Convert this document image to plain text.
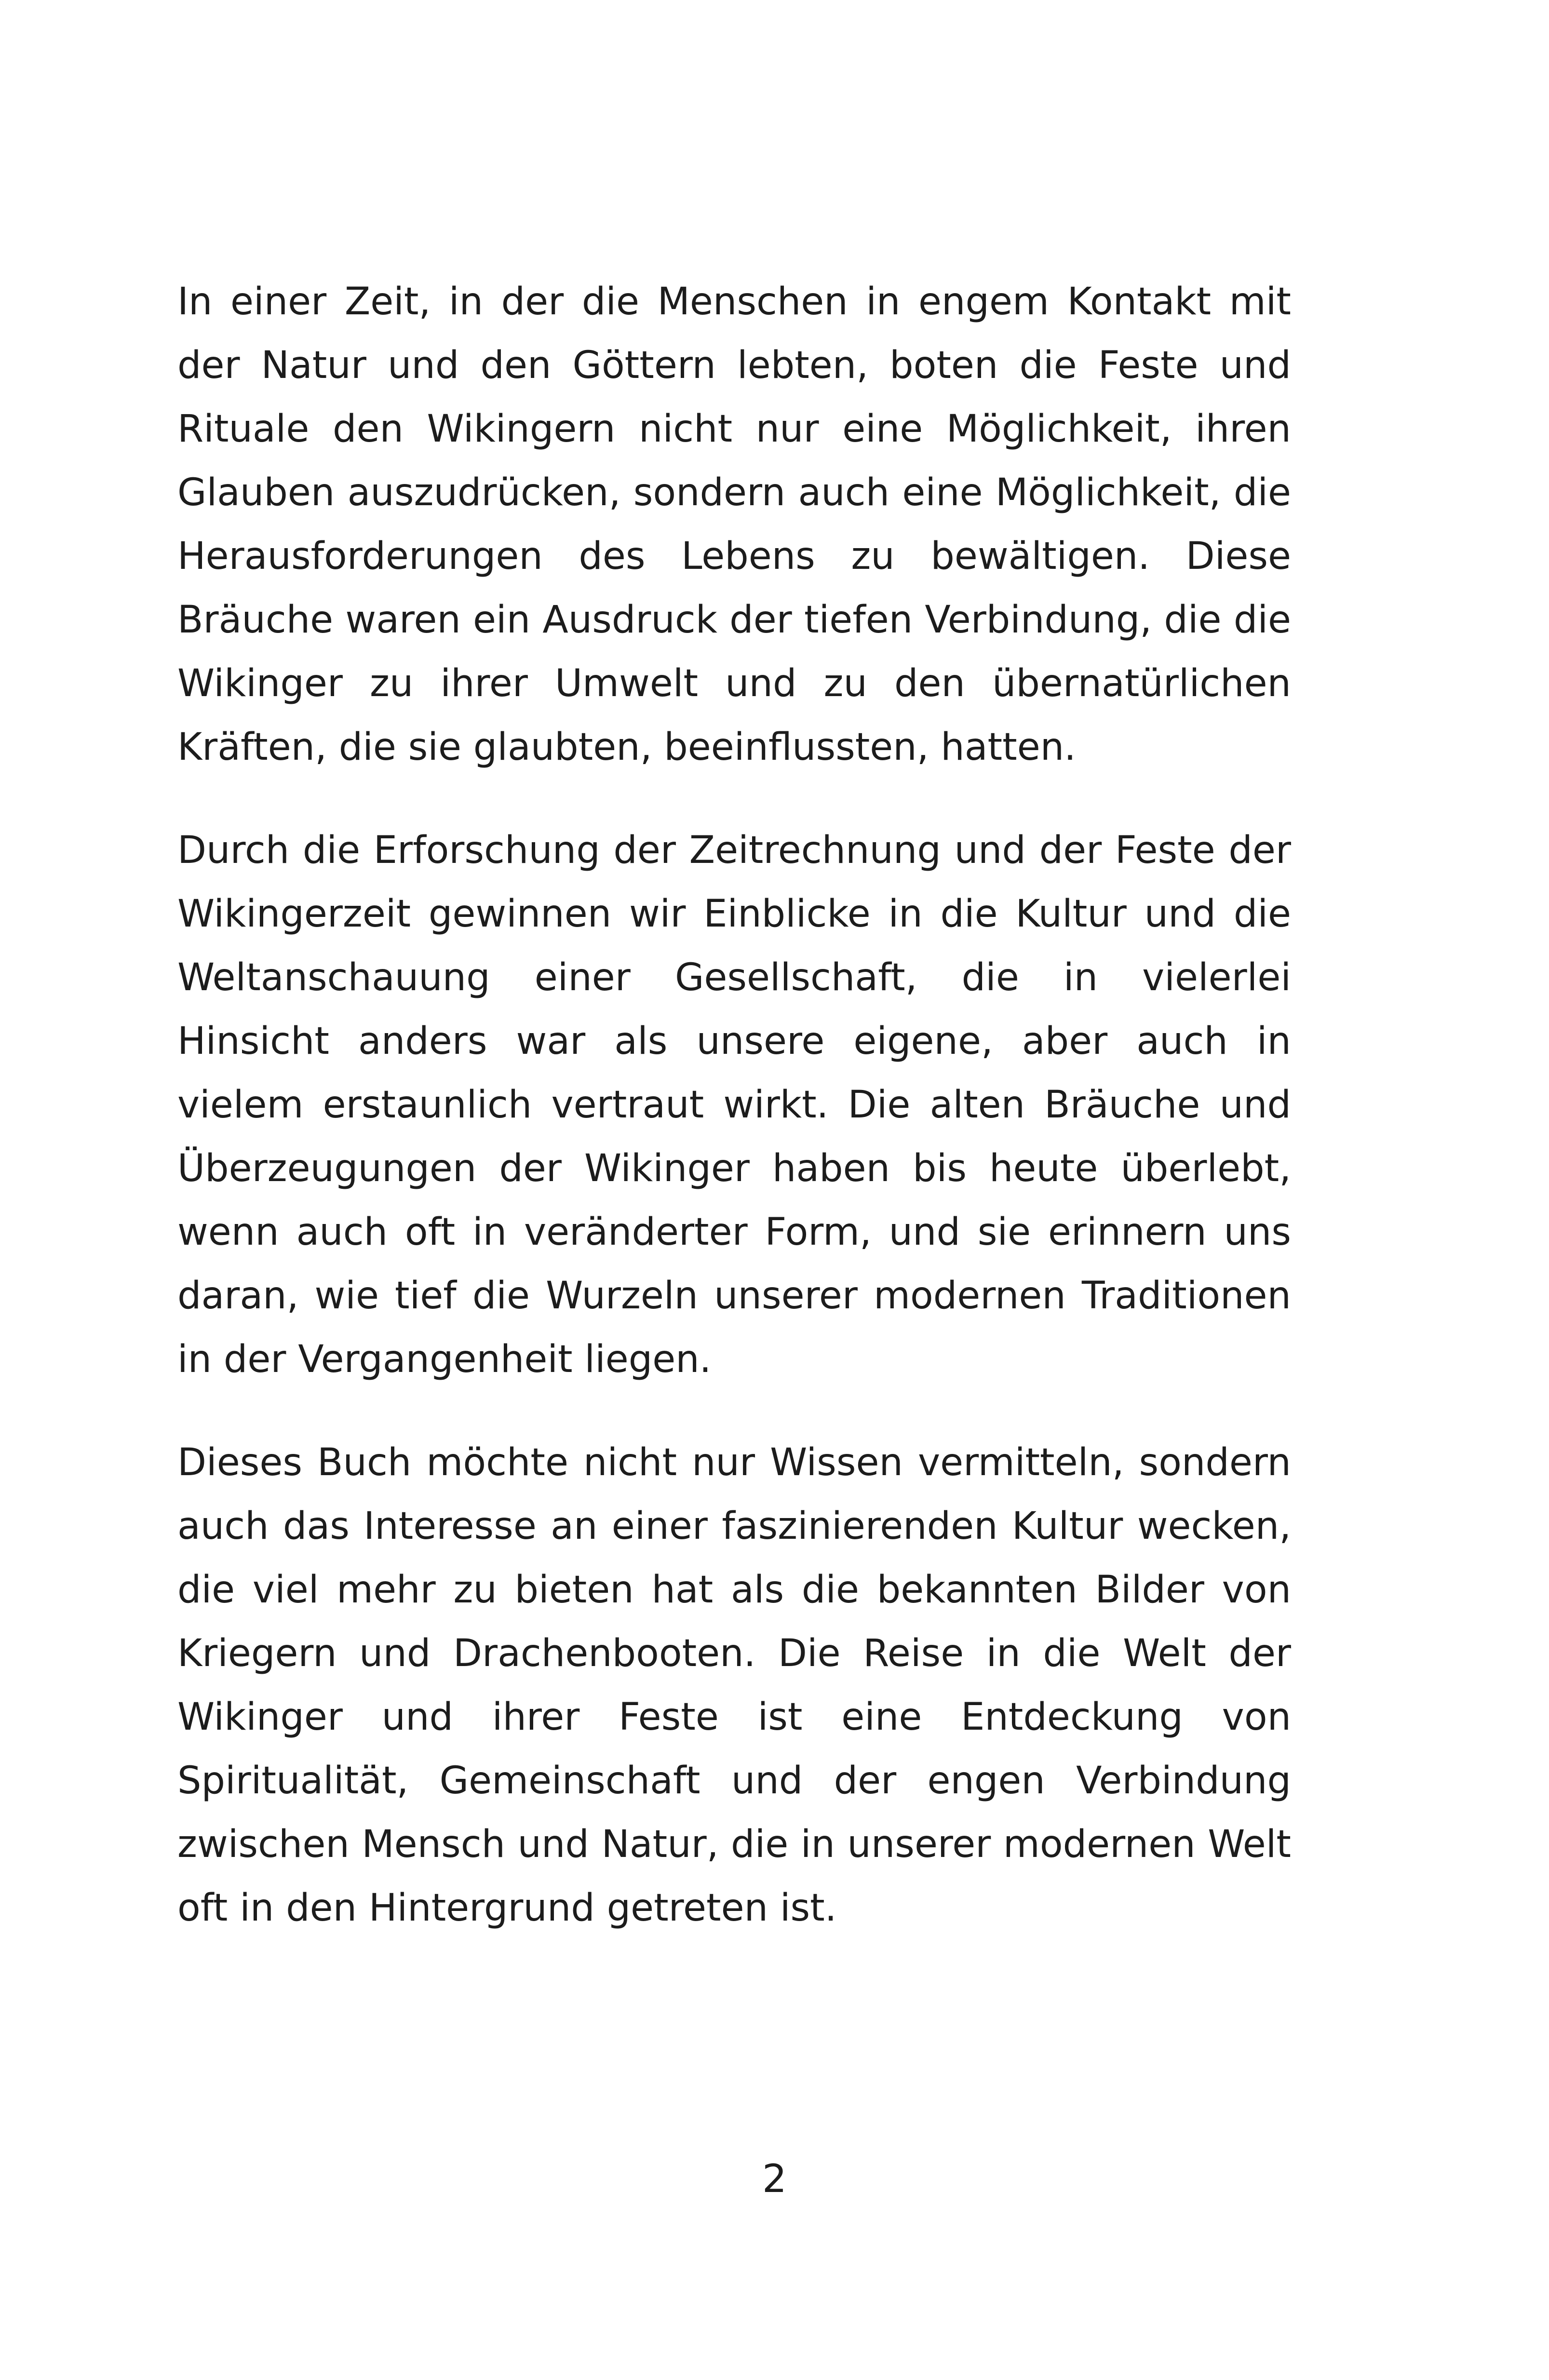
In einer Zeit, in der die Menschen in engem Kontakt mit der Natur und den Göttern lebten, boten die Feste und Rituale den Wikingern nicht nur eine Möglichkeit, ihren Glauben auszudrücken, sondern auch eine Möglichkeit, die Herausforderungen des Lebens zu bewältigen. Diese Bräuche waren ein Ausdruck der tiefen Verbindung, die die Wikinger zu ihrer Umwelt und zu den übernatürlichen Kräften, die sie glaubten, beeinflussten, hatten.

Durch die Erforschung der Zeitrechnung und der Feste der Wikingerzeit gewinnen wir Einblicke in die Kultur und die Weltanschauung einer Gesellschaft, die in vielerlei Hinsicht anders war als unsere eigene, aber auch in vielem erstaunlich vertraut wirkt. Die alten Bräuche und Überzeugungen der Wikinger haben bis heute überlebt, wenn auch oft in veränderter Form, und sie erinnern uns daran, wie tief die Wurzeln unserer modernen Traditionen in der Vergangenheit liegen.

Dieses Buch möchte nicht nur Wissen vermitteln, sondern auch das Interesse an einer faszinierenden Kultur wecken, die viel mehr zu bieten hat als die bekannten Bilder von Kriegern und Drachenbooten. Die Reise in die Welt der Wikinger und ihrer Feste ist eine Entdeckung von Spiritualität, Gemeinschaft und der engen Verbindung zwischen Mensch und Natur, die in unserer modernen Welt oft in den Hintergrund getreten ist.

2
